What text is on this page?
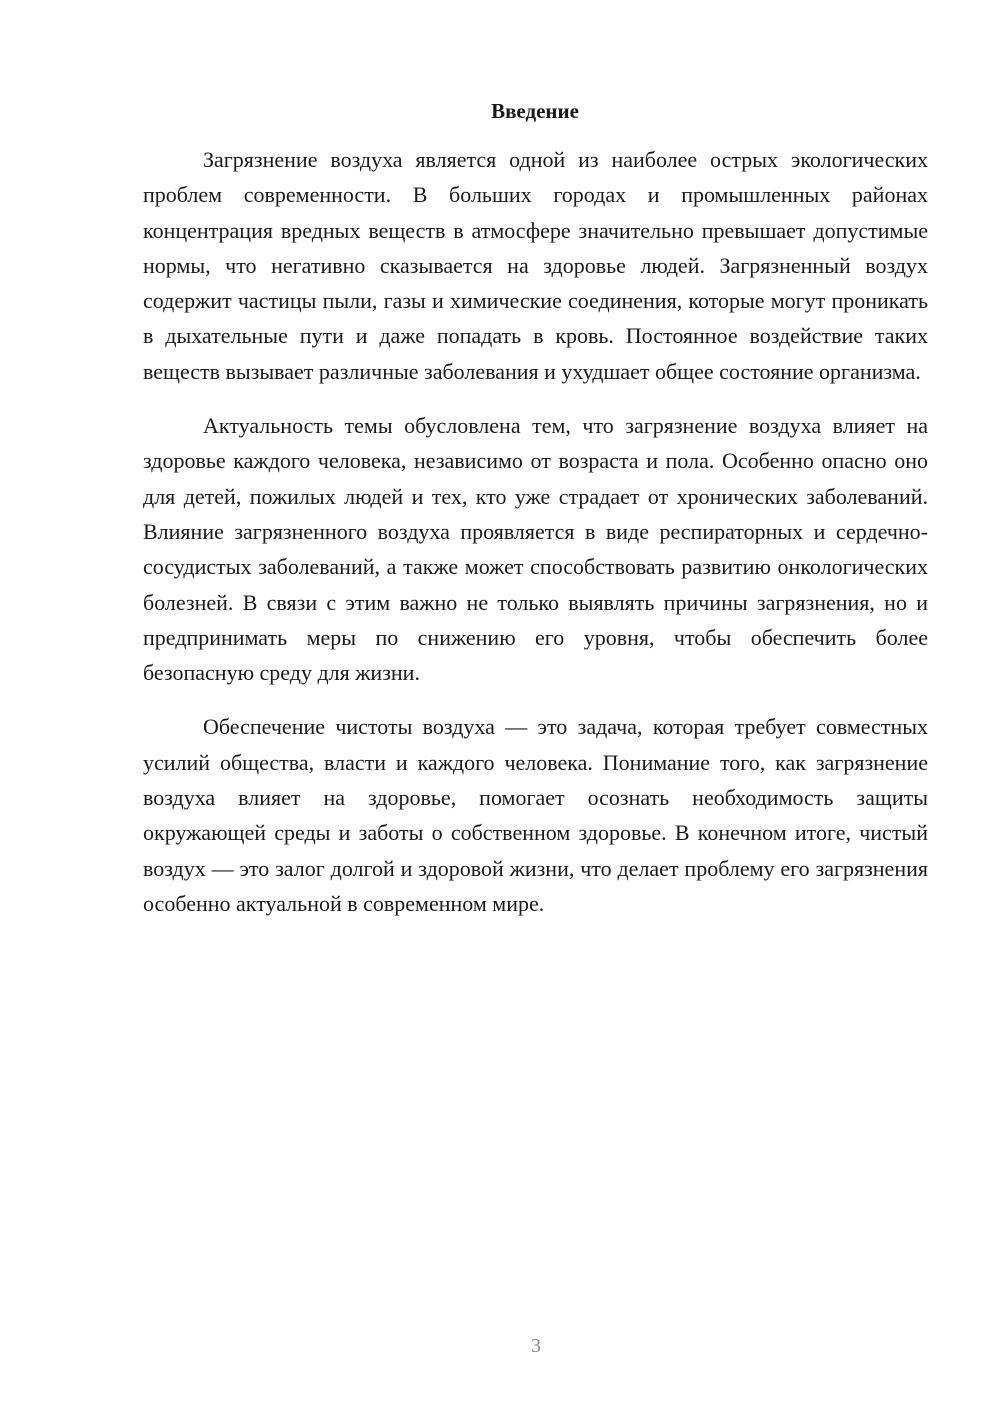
Введение

Загрязнение воздуха является одной из наиболее острых экологических проблем современности. В больших городах и промышленных районах концентрация вредных веществ в атмосфере значительно превышает допустимые нормы, что негативно сказывается на здоровье людей. Загрязненный воздух содержит частицы пыли, газы и химические соединения, которые могут проникать в дыхательные пути и даже попадать в кровь. Постоянное воздействие таких веществ вызывает различные заболевания и ухудшает общее состояние организма.

Актуальность темы обусловлена тем, что загрязнение воздуха влияет на здоровье каждого человека, независимо от возраста и пола. Особенно опасно оно для детей, пожилых людей и тех, кто уже страдает от хронических заболеваний. Влияние загрязненного воздуха проявляется в виде респираторных и сердечно-сосудистых заболеваний, а также может способствовать развитию онкологических болезней. В связи с этим важно не только выявлять причины загрязнения, но и предпринимать меры по снижению его уровня, чтобы обеспечить более безопасную среду для жизни.

Обеспечение чистоты воздуха — это задача, которая требует совместных усилий общества, власти и каждого человека. Понимание того, как загрязнение воздуха влияет на здоровье, помогает осознать необходимость защиты окружающей среды и заботы о собственном здоровье. В конечном итоге, чистый воздух — это залог долгой и здоровой жизни, что делает проблему его загрязнения особенно актуальной в современном мире.

3
